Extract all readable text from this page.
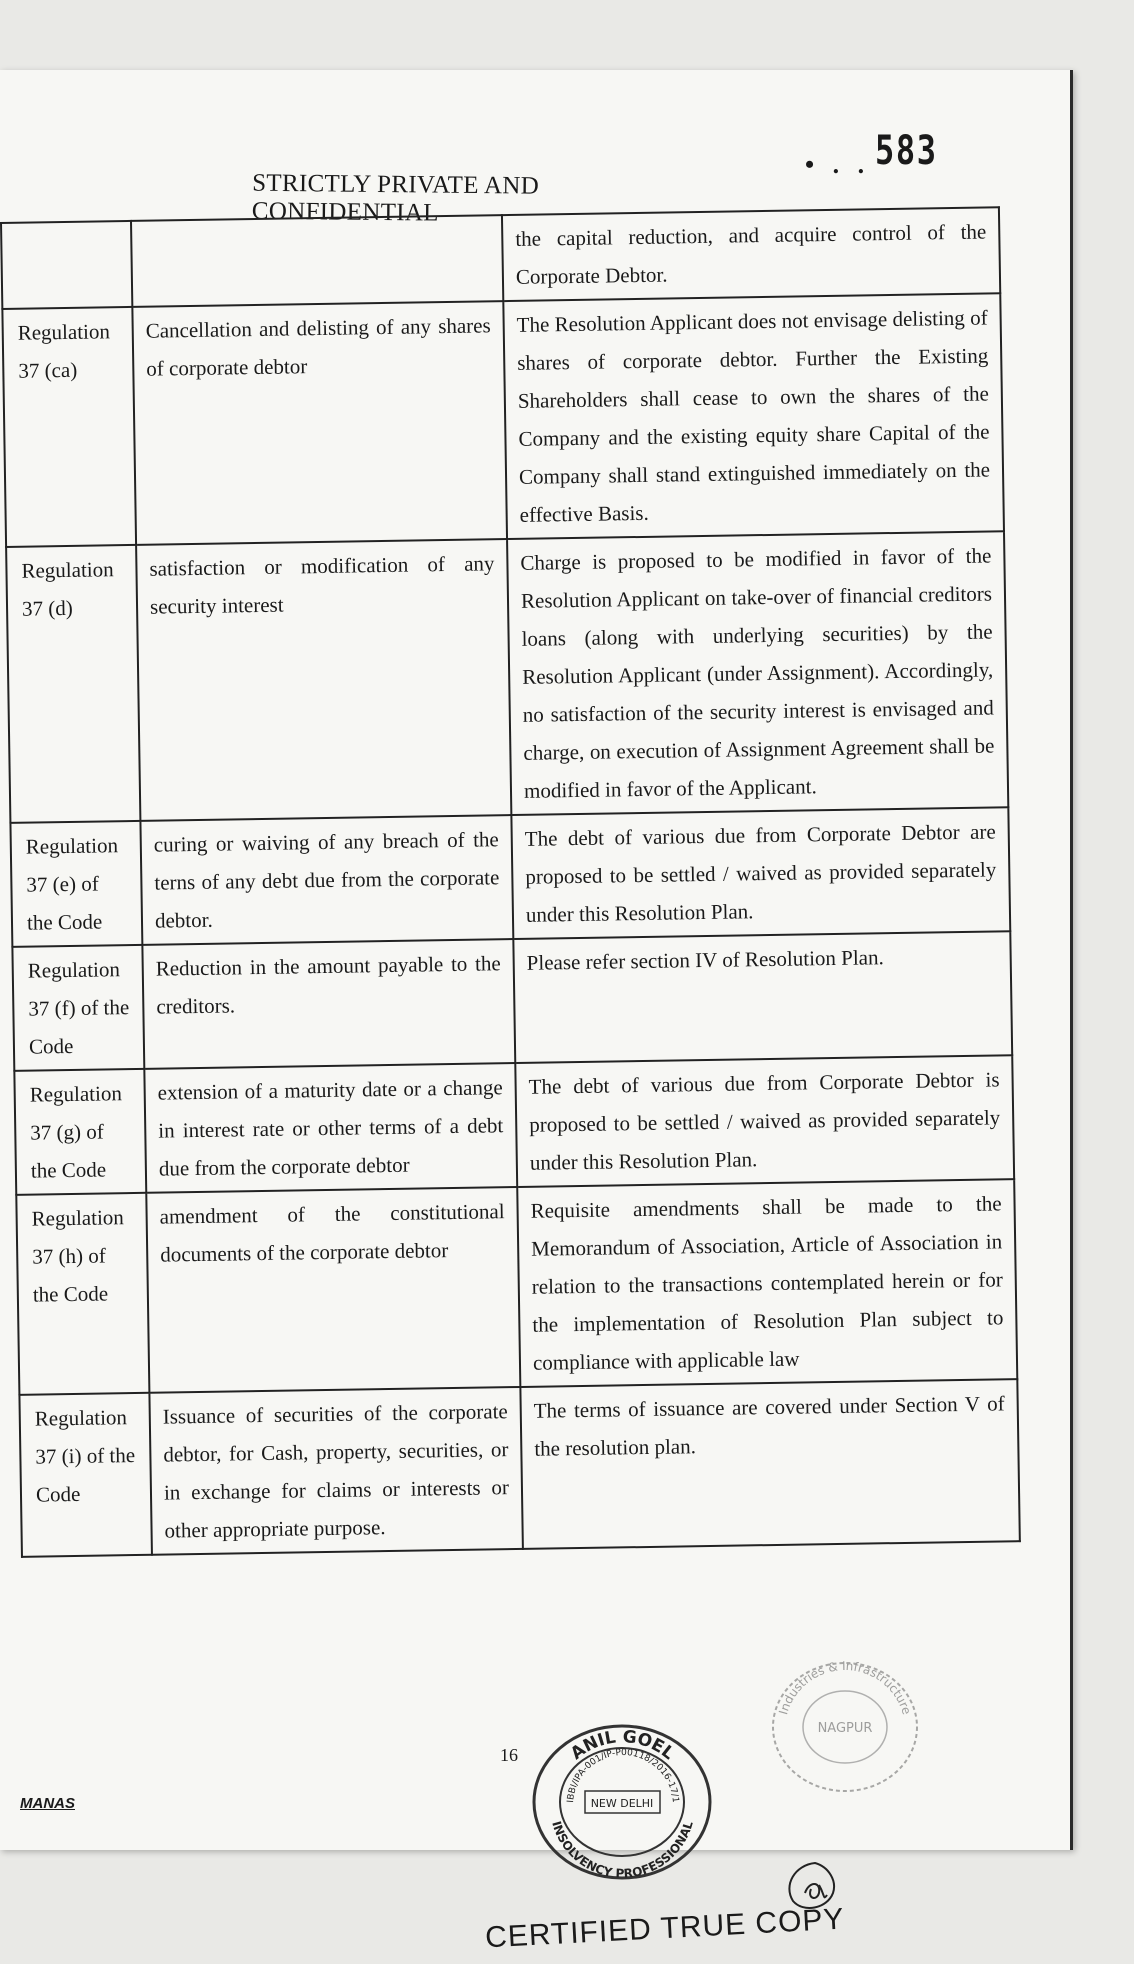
• . . 583
STRICTLY PRIVATE AND CONFIDENTIAL
		the capital reduction, and acquire control of the Corporate Debtor.
Regulation 37 (ca)	Cancellation and delisting of any shares of corporate debtor	The Resolution Applicant does not envisage delisting of shares of corporate debtor. Further the Existing Shareholders shall cease to own the shares of the Company and the existing equity share Capital of the Company shall stand extinguished immediately on the effective Basis.
Regulation 37 (d)	satisfaction or modification of any security interest	Charge is proposed to be modified in favor of the Resolution Applicant on take-over of financial creditors loans (along with underlying securities) by the Resolution Applicant (under Assignment). Accordingly, no satisfaction of the security interest is envisaged and charge, on execution of Assignment Agreement shall be modified in favor of the Applicant.
Regulation 37 (e) of the Code	curing or waiving of any breach of the terns of any debt due from the corporate debtor.	The debt of various due from Corporate Debtor are proposed to be settled / waived as provided separately under this Resolution Plan.
Regulation 37 (f) of the Code	Reduction in the amount payable to the creditors.	Please refer section IV of Resolution Plan.
Regulation 37 (g) of the Code	extension of a maturity date or a change in interest rate or other terms of a debt due from the corporate debtor	The debt of various due from Corporate Debtor is proposed to be settled / waived as provided separately under this Resolution Plan.
Regulation 37 (h) of the Code	amendment of the constitutional documents of the corporate debtor	Requisite amendments shall be made to the Memorandum of Association, Article of Association in relation to the transactions contemplated herein or for the implementation of Resolution Plan subject to compliance with applicable law
Regulation 37 (i) of the Code	Issuance of securities of the corporate debtor, for Cash, property, securities, or in exchange for claims or interests or other appropriate purpose.	The terms of issuance are covered under Section V of the resolution plan.
16
MANAS
ANIL GOEL
IBBI/IPA-001/IP-P00118/2016-17/1
NEW DELHI
INSOLVENCY PROFESSIONAL
Industries & Infrastructure
NAGPUR
CERTIFIED TRUE COPY
